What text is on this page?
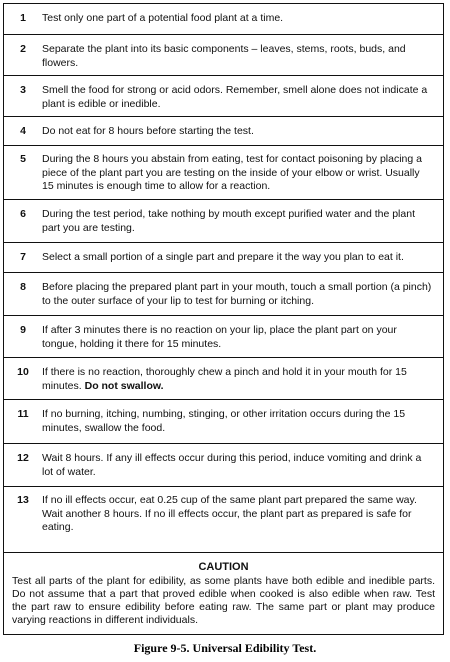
1	Test only one part of a potential food plant at a time.
2	Separate the plant into its basic components – leaves, stems, roots, buds, and flowers.
3	Smell the food for strong or acid odors. Remember, smell alone does not indicate a plant is edible or inedible.
4	Do not eat for 8 hours before starting the test.
5	During the 8 hours you abstain from eating, test for contact poisoning by placing a piece of the plant part you are testing on the inside of your elbow or wrist. Usually 15 minutes is enough time to allow for a reaction.
6	During the test period, take nothing by mouth except purified water and the plant part you are testing.
7	Select a small portion of a single part and prepare it the way you plan to eat it.
8	Before placing the prepared plant part in your mouth, touch a small portion (a pinch) to the outer surface of your lip to test for burning or itching.
9	If after 3 minutes there is no reaction on your lip, place the plant part on your tongue, holding it there for 15 minutes.
10	If there is no reaction, thoroughly chew a pinch and hold it in your mouth for 15 minutes. Do not swallow.
11	If no burning, itching, numbing, stinging, or other irritation occurs during the 15 minutes, swallow the food.
12	Wait 8 hours. If any ill effects occur during this period, induce vomiting and drink a lot of water.
13	If no ill effects occur, eat 0.25 cup of the same plant part prepared the same way. Wait another 8 hours. If no ill effects occur, the plant part as prepared is safe for eating.
CAUTION
Test all parts of the plant for edibility, as some plants have both edible and inedible parts. Do not assume that a part that proved edible when cooked is also edible when raw. Test the part raw to ensure edibility before eating raw. The same part or plant may produce varying reactions in different individuals.
Figure 9-5. Universal Edibility Test.
